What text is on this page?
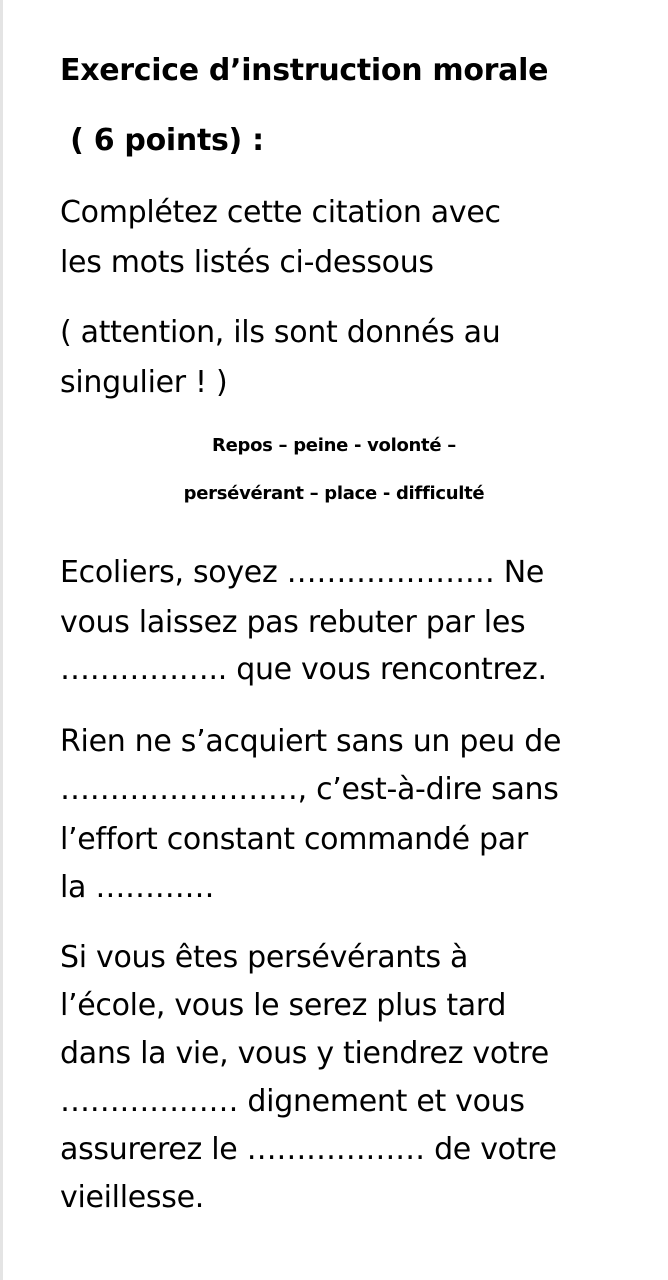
Exercice d’instruction morale
( 6 points) :
Complétez cette citation avec
les mots listés ci-dessous
( attention, ils sont donnés au
singulier ! )
Repos – peine - volonté –
persévérant – place - difficulté
Ecoliers, soyez ………………… Ne
vous laissez pas rebuter par les
…………….. que vous rencontrez.
Rien ne s’acquiert sans un peu de
……………………, c’est-à-dire sans
l’effort constant commandé par
la …………
Si vous êtes persévérants à
l’école, vous le serez plus tard
dans la vie, vous y tiendrez votre
……………… dignement et vous
assurerez le ……………… de votre
vieillesse.
